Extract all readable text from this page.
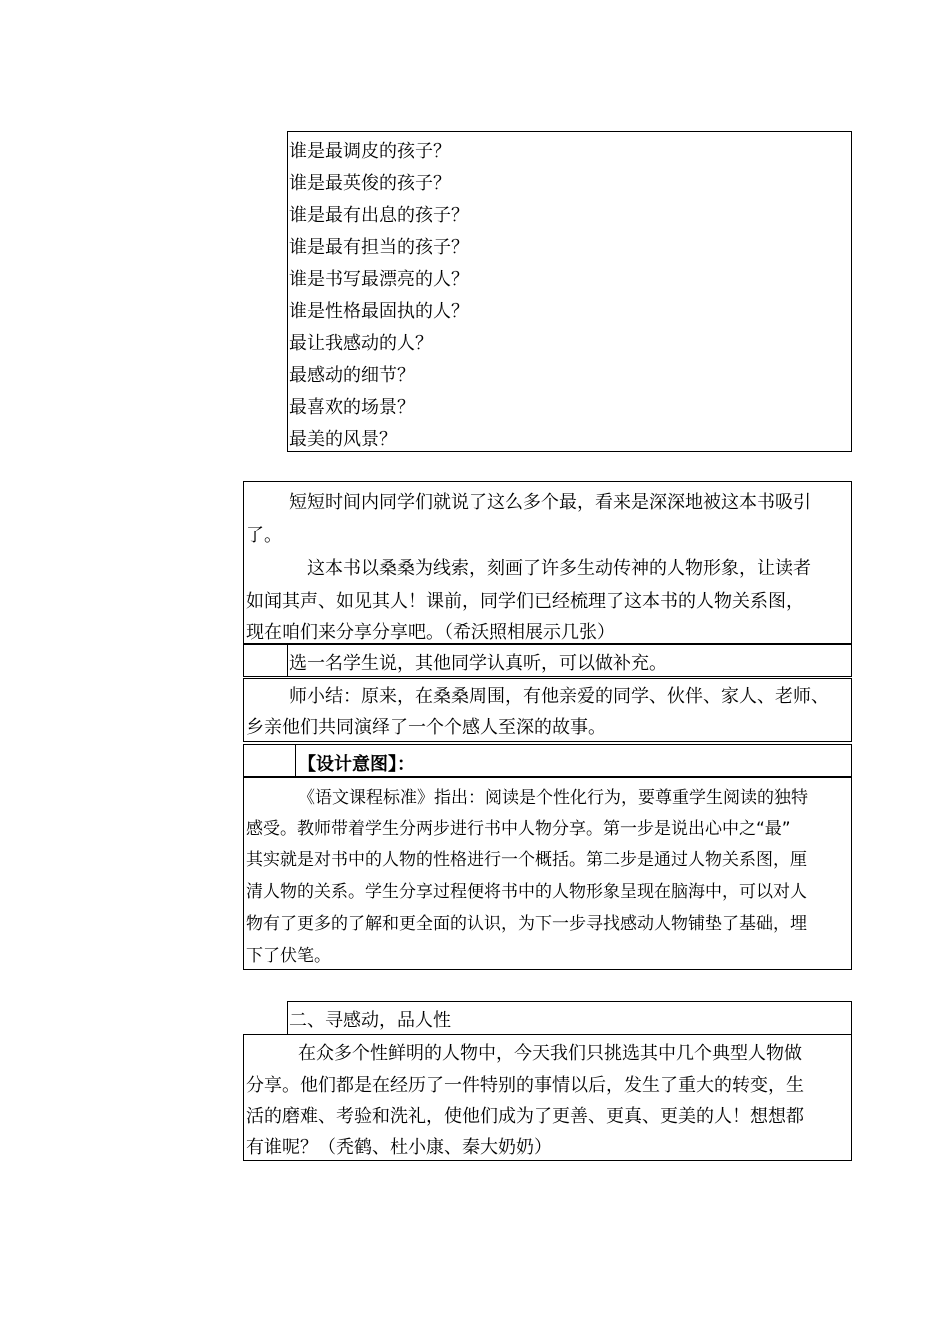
谁是最调皮的孩子？
谁是最英俊的孩子？
谁是最有出息的孩子？
谁是最有担当的孩子？
谁是书写最漂亮的人？
谁是性格最固执的人？
最让我感动的人？
最感动的细节？
最喜欢的场景？
最美的风景？
短短时间内同学们就说了这么多个最，看来是深深地被这本书吸引
了。
这本书以桑桑为线索，刻画了许多生动传神的人物形象，让读者
如闻其声、如见其人！课前，同学们已经梳理了这本书的人物关系图，
现在咱们来分享分享吧。（希沃照相展示几张）
选一名学生说，其他同学认真听，可以做补充。
师小结：原来，在桑桑周围，有他亲爱的同学、伙伴、家人、老师、
乡亲他们共同演绎了一个个感人至深的故事。
【设计意图】：
《语文课程标准》指出：阅读是个性化行为，要尊重学生阅读的独特
感受。教师带着学生分两步进行书中人物分享。第一步是说出心中之“最”
其实就是对书中的人物的性格进行一个概括。第二步是通过人物关系图，厘
清人物的关系。学生分享过程便将书中的人物形象呈现在脑海中，可以对人
物有了更多的了解和更全面的认识，为下一步寻找感动人物铺垫了基础，埋
下了伏笔。
二、寻感动，品人性
在众多个性鲜明的人物中，今天我们只挑选其中几个典型人物做
分享。他们都是在经历了一件特别的事情以后，发生了重大的转变，生
活的磨难、考验和洗礼，使他们成为了更善、更真、更美的人！想想都
有谁呢？（秃鹤、杜小康、秦大奶奶）
